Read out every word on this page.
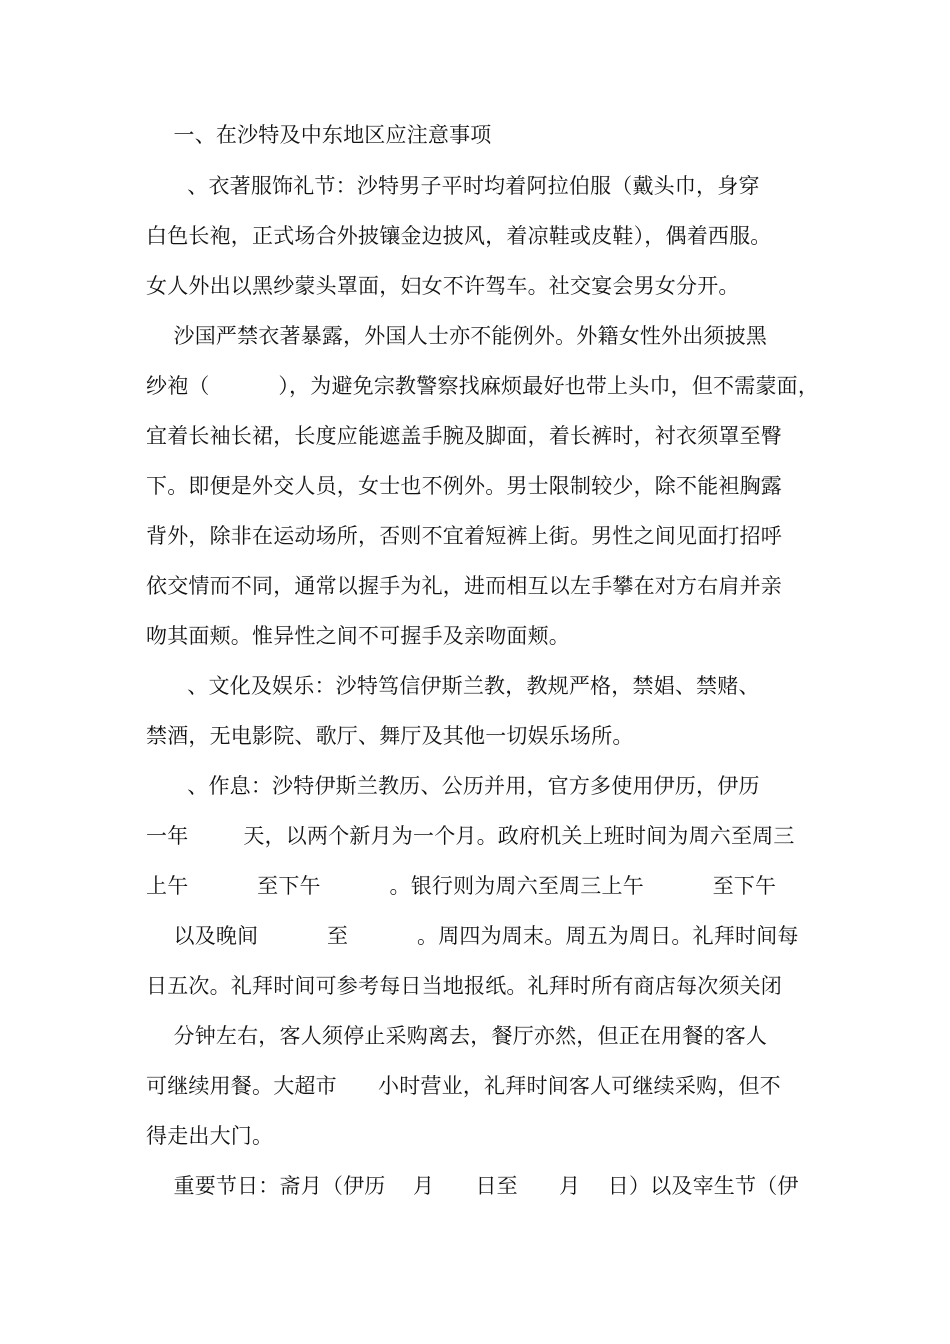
一、在沙特及中东地区应注意事项
、衣著服饰礼节：沙特男子平时均着阿拉伯服（戴头巾，身穿
白色长袍，正式场合外披镶金边披风，着凉鞋或皮鞋），偶着西服。
女人外出以黑纱蒙头罩面，妇女不许驾车。社交宴会男女分开。
沙国严禁衣著暴露，外国人士亦不能例外。外籍女性外出须披黑
纱袍（          ），为避免宗教警察找麻烦最好也带上头巾，但不需蒙面，
宜着长袖长裙，长度应能遮盖手腕及脚面，着长裤时，衬衣须罩至臀
下。即便是外交人员，女士也不例外。男士限制较少，除不能袒胸露
背外，除非在运动场所，否则不宜着短裤上街。男性之间见面打招呼
依交情而不同，通常以握手为礼，进而相互以左手攀在对方右肩并亲
吻其面颊。惟异性之间不可握手及亲吻面颊。
、文化及娱乐：沙特笃信伊斯兰教，教规严格，禁娼、禁赌、
禁酒，无电影院、歌厅、舞厅及其他一切娱乐场所。
、作息：沙特伊斯兰教历、公历并用，官方多使用伊历，伊历
一年        天，以两个新月为一个月。政府机关上班时间为周六至周三
上午          至下午          。银行则为周六至周三上午          至下午
以及晚间          至          。周四为周末。周五为周日。礼拜时间每
日五次。礼拜时间可参考每日当地报纸。礼拜时所有商店每次须关闭
分钟左右，客人须停止采购离去，餐厅亦然，但正在用餐的客人
可继续用餐。大超市      小时营业，礼拜时间客人可继续采购，但不
得走出大门。
重要节日：斋月（伊历    月      日至      月    日）以及宰生节（伊
